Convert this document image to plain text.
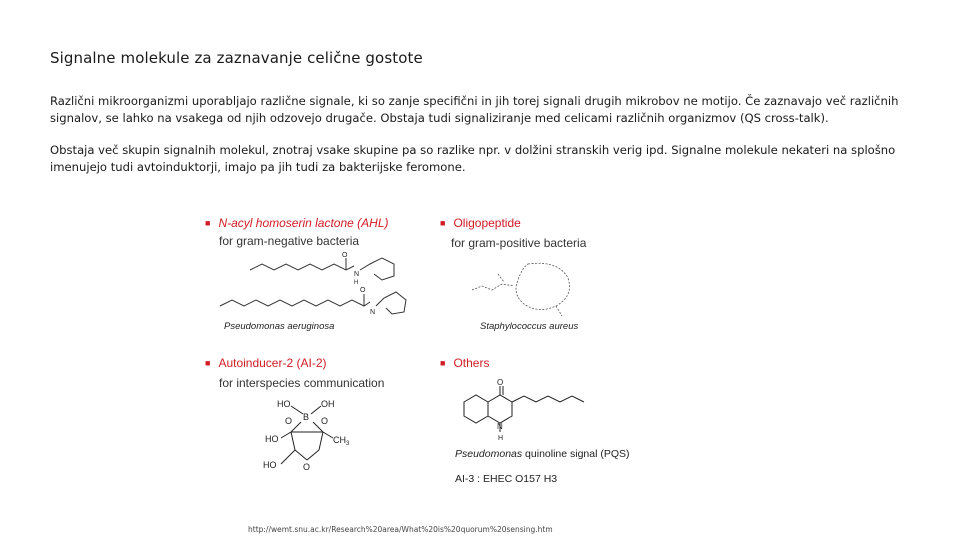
Signalne molekule za zaznavanje celične gostote
Različni mikroorganizmi uporabljajo različne signale, ki so zanje specifični in jih torej signali drugih mikrobov ne motijo. Če zaznavajo več različnih signalov, se lahko na vsakega od njih odzovejo drugače. Obstaja tudi signaliziranje med celicami različnih organizmov (QS cross-talk).
Obstaja več skupin signalnih molekul, znotraj vsake skupine pa so razlike npr. v dolžini stranskih verig ipd. Signalne molekule nekateri na splošno imenujejo tudi avtoinduktorji, imajo pa jih tudi za bakterijske feromone.
■ N-acyl homoserin lactone (AHL)
for gram-negative bacteria
O
N
H
O
N
Pseudomonas aeruginosa
■ Oligopeptide
for gram-positive bacteria
Staphylococcus aureus
■ Autoinducer-2 (AI-2)
for interspecies communication
HO	OH
B
O	O
HO	$CH_3$
O
HO
■ Others
O
N
H
Pseudomonas quinoline signal (PQS)
AI-3 : EHEC O157 H3
http://wemt.snu.ac.kr/Research%20area/What%20is%20quorum%20sensing.htm
